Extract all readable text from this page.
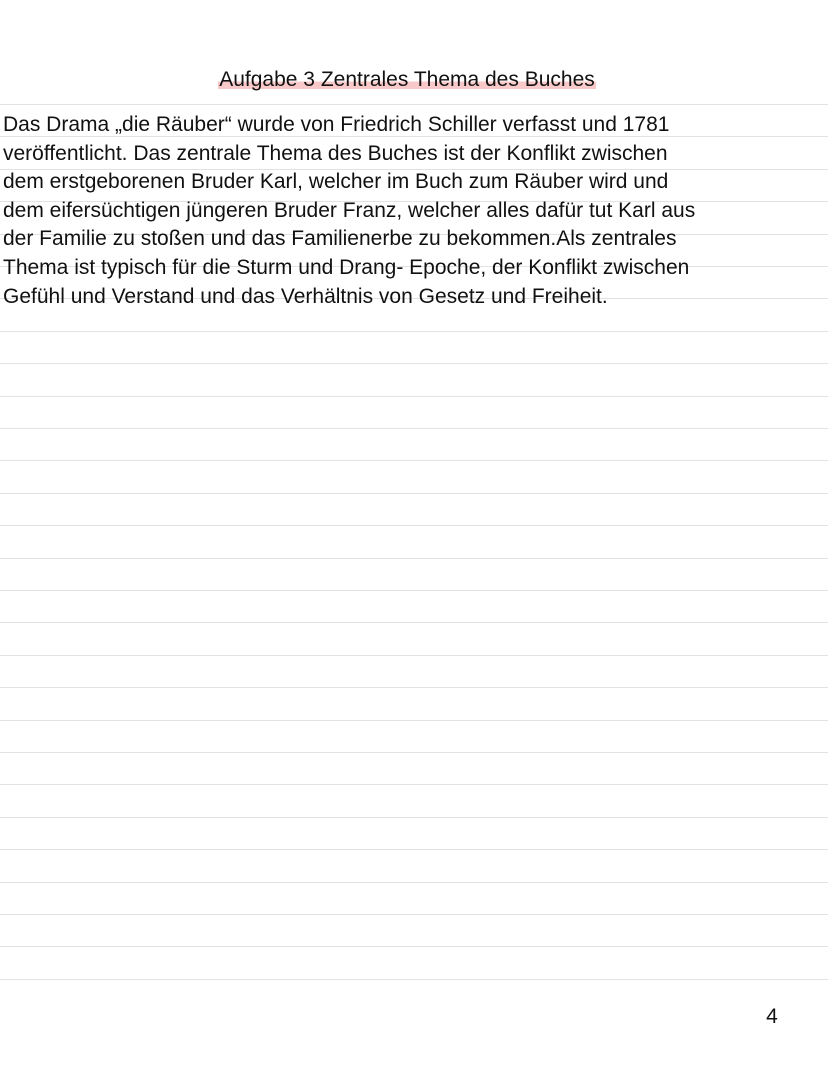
Aufgabe 3 Zentrales Thema des Buches
Das Drama „die Räuber“ wurde von Friedrich Schiller verfasst und 1781
veröffentlicht. Das zentrale Thema des Buches ist der Konflikt zwischen
dem erstgeborenen Bruder Karl, welcher im Buch zum Räuber wird und
dem eifersüchtigen jüngeren Bruder Franz, welcher alles dafür tut Karl aus
der Familie zu stoßen und das Familienerbe zu bekommen.Als zentrales
Thema ist typisch für die Sturm und Drang- Epoche, der Konflikt zwischen
Gefühl und Verstand und das Verhältnis von Gesetz und Freiheit.
4
